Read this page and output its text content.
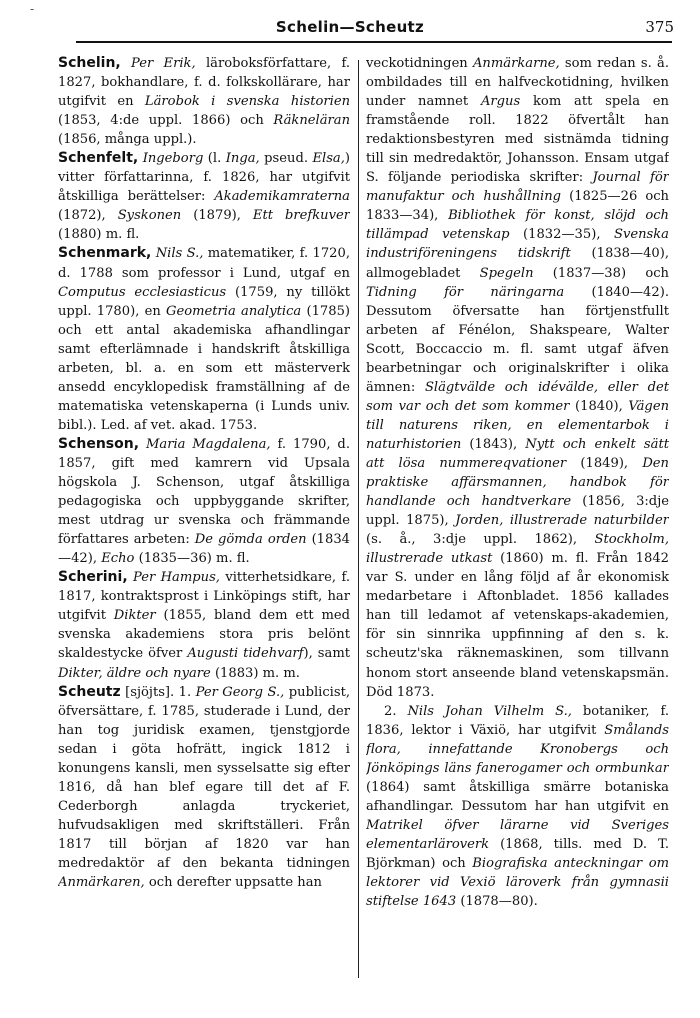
-
Schelin—Scheutz	375

Schelin, Per Erik, läroboksförfattare, f. 1827, bokhandlare, f. d. folkskollärare, har utgifvit en Lärobok i svenska historien (1853, 4:de uppl. 1866) och Räkneläran (1856, många uppl.).

Schenfelt, Ingeborg (l. Inga, pseud. Elsa,) vitter författarinna, f. 1826, har utgifvit åtskilliga berättelser: Akademikamraterna (1872), Syskonen (1879), Ett brefkuver (1880) m. fl.

Schenmark, Nils S., matematiker, f. 1720, d. 1788 som professor i Lund, utgaf en Computus ecclesiasticus (1759, ny tillökt uppl. 1780), en Geometria analytica (1785) och ett antal akademiska afhandlingar samt efterlämnade i handskrift åtskilliga arbeten, bl. a. en som ett mästerverk ansedd encyklopedisk framställning af de matematiska vetenskaperna (i Lunds univ. bibl.). Led. af vet. akad. 1753.

Schenson, Maria Magdalena, f. 1790, d. 1857, gift med kamrern vid Upsala högskola J. Schenson, utgaf åtskilliga pedagogiska och uppbyggande skrifter, mest utdrag ur svenska och främmande författares arbeten: De gömda orden (1834—42), Echo (1835—36) m. fl.

Scherini, Per Hampus, vitterhetsidkare, f. 1817, kontraktsprost i Linköpings stift, har utgifvit Dikter (1855, bland dem ett med svenska akademiens stora pris belönt skaldestycke öfver Augusti tidehvarf), samt Dikter, äldre och nyare (1883) m. m.

Scheutz [sjöjts]. 1. Per Georg S., publicist, öfversättare, f. 1785, studerade i Lund, der han tog juridisk examen, tjenstgjorde sedan i göta hofrätt, ingick 1812 i konungens kansli, men sysselsatte sig efter 1816, då han blef egare till det af F. Cederborgh anlagda tryckeriet, hufvudsakligen med skriftställeri. Från 1817 till början af 1820 var han medredaktör af den bekanta tidningen Anmärkaren, och derefter uppsatte han

veckotidningen Anmärkarne, som redan s. å. ombildades till en halfveckotidning, hvilken under namnet Argus kom att spela en framstående roll. 1822 öfvertålt han redaktionsbestyren med sistnämda tidning till sin medredaktör, Johansson. Ensam utgaf S. följande periodiska skrifter: Journal för manufaktur och hushållning (1825—26 och 1833—34), Bibliothek för konst, slöjd och tillämpad vetenskap (1832—35), Svenska industriföreningens tidskrift (1838—40), allmogebladet Spegeln (1837—38) och Tidning för näringarna (1840—42). Dessutom öfversatte han förtjenstfullt arbeten af Fénélon, Shakspeare, Walter Scott, Boccaccio m. fl. samt utgaf äfven bearbetningar och originalskrifter i olika ämnen: Slägtvälde och idévälde, eller det som var och det som kommer (1840), Vägen till naturens riken, en elementarbok i naturhistorien (1843), Nytt och enkelt sätt att lösa nummereqvationer (1849), Den praktiske affärsmannen, handbok för handlande och handtverkare (1856, 3:dje uppl. 1875), Jorden, illustrerade naturbilder (s. å., 3:dje uppl. 1862), Stockholm, illustrerade utkast (1860) m. fl. Från 1842 var S. under en lång följd af år ekonomisk medarbetare i Aftonbladet. 1856 kallades han till ledamot af vetenskaps-akademien, för sin sinnrika uppfinning af den s. k. scheutz'ska räknemaskinen, som tillvann honom stort anseende bland vetenskapsmän. Död 1873.

2. Nils Johan Vilhelm S., botaniker, f. 1836, lektor i Växiö, har utgifvit Smålands flora, innefattande Kronobergs och Jönköpings läns fanerogamer och ormbunkar (1864) samt åtskilliga smärre botaniska afhandlingar. Dessutom har han utgifvit en Matrikel öfver lärarne vid Sveriges elementarläroverk (1868, tills. med D. T. Björkman) och Biografiska anteckningar om lektorer vid Vexiö läroverk från gymnasii stiftelse 1643 (1878—80).
